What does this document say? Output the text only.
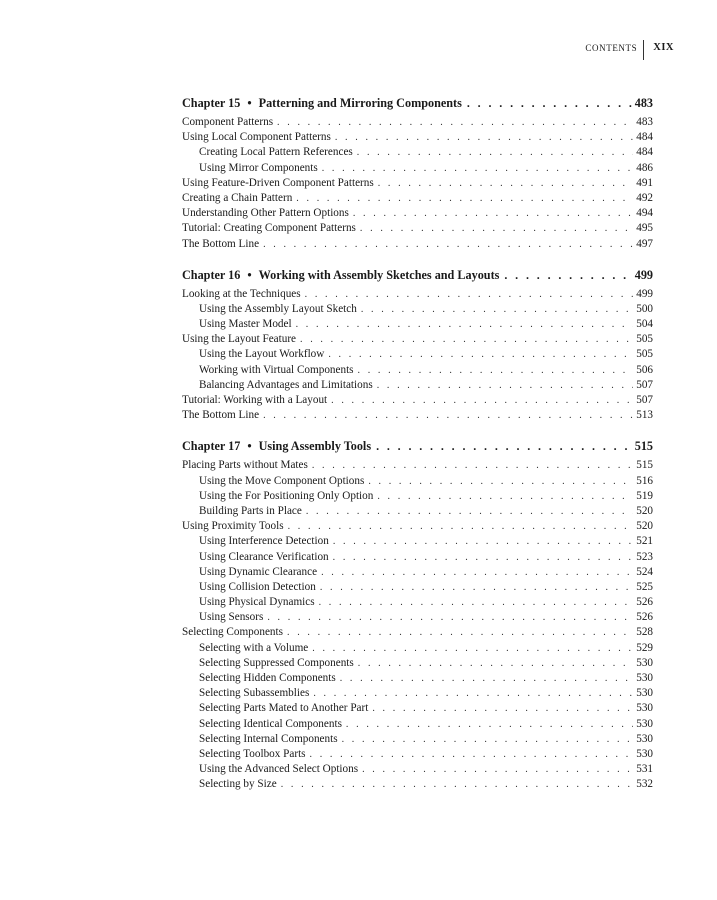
CONTENTS	XIX
Chapter 15 • Patterning and Mirroring Components . . .	483
Component Patterns . . .	483
Using Local Component Patterns . . .	484
Creating Local Pattern References . . .	484
Using Mirror Components . . .	486
Using Feature-Driven Component Patterns . . .	491
Creating a Chain Pattern . . .	492
Understanding Other Pattern Options . . .	494
Tutorial: Creating Component Patterns . . .	495
The Bottom Line . . .	497
Chapter 16 • Working with Assembly Sketches and Layouts . . .	499
Looking at the Techniques . . .	499
Using the Assembly Layout Sketch . . .	500
Using Master Model . . .	504
Using the Layout Feature . . .	505
Using the Layout Workflow . . .	505
Working with Virtual Components . . .	506
Balancing Advantages and Limitations . . .	507
Tutorial: Working with a Layout . . .	507
The Bottom Line . . .	513
Chapter 17 • Using Assembly Tools . . .	515
Placing Parts without Mates . . .	515
Using the Move Component Options . . .	516
Using the For Positioning Only Option . . .	519
Building Parts in Place . . .	520
Using Proximity Tools . . .	520
Using Interference Detection . . .	521
Using Clearance Verification . . .	523
Using Dynamic Clearance . . .	524
Using Collision Detection . . .	525
Using Physical Dynamics . . .	526
Using Sensors . . .	526
Selecting Components . . .	528
Selecting with a Volume . . .	529
Selecting Suppressed Components . . .	530
Selecting Hidden Components . . .	530
Selecting Subassemblies . . .	530
Selecting Parts Mated to Another Part . . .	530
Selecting Identical Components . . .	530
Selecting Internal Components . . .	530
Selecting Toolbox Parts . . .	530
Using the Advanced Select Options . . .	531
Selecting by Size . . .	532
